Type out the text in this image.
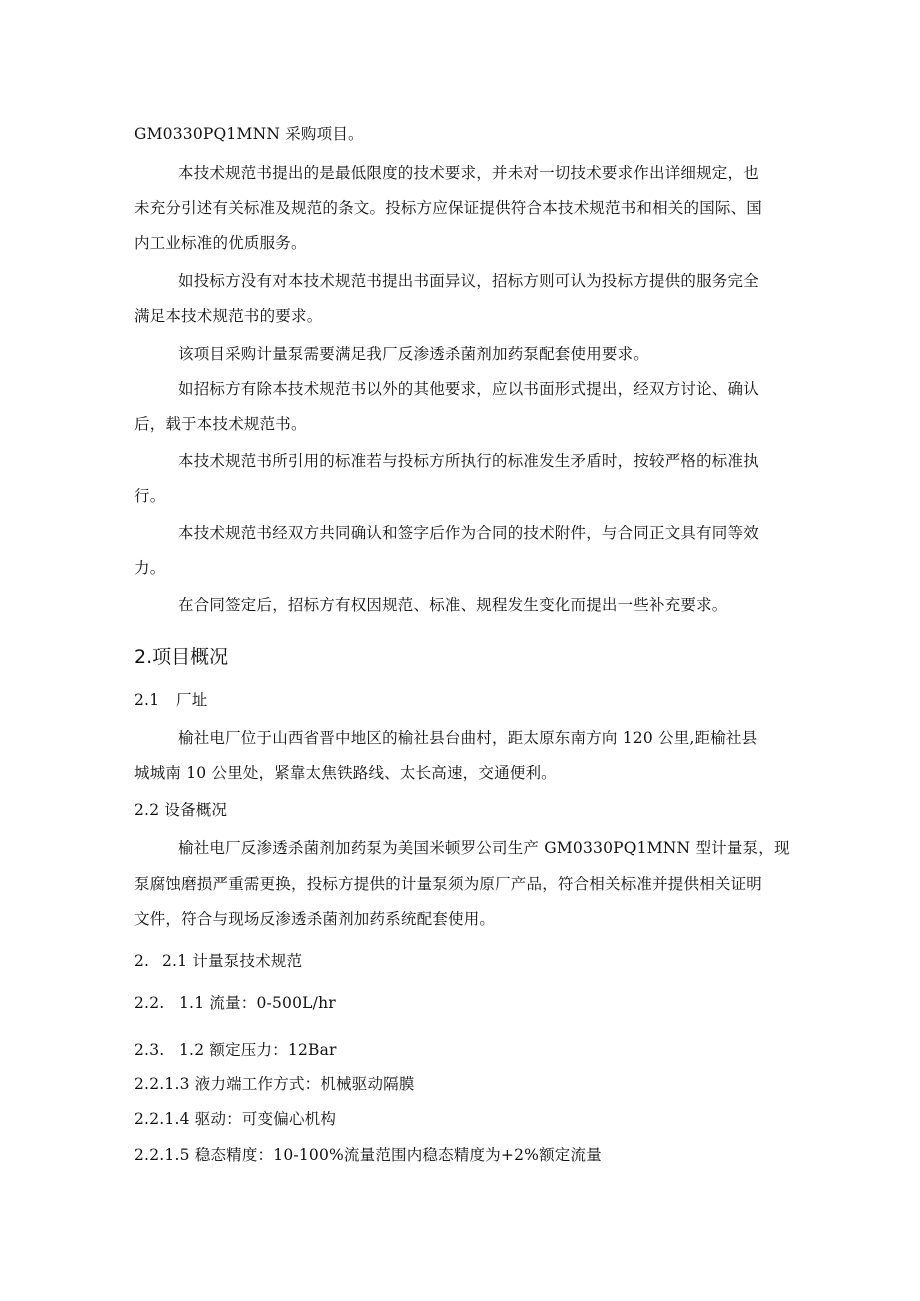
GM0330PQ1MNN 采购项目。
本技术规范书提出的是最低限度的技术要求，并未对一切技术要求作出详细规定，也
未充分引述有关标准及规范的条文。投标方应保证提供符合本技术规范书和相关的国际、国
内工业标准的优质服务。
如投标方没有对本技术规范书提出书面异议，招标方则可认为投标方提供的服务完全
满足本技术规范书的要求。
该项目采购计量泵需要满足我厂反渗透杀菌剂加药泵配套使用要求。
如招标方有除本技术规范书以外的其他要求，应以书面形式提出，经双方讨论、确认
后，载于本技术规范书。
本技术规范书所引用的标准若与投标方所执行的标准发生矛盾时，按较严格的标准执
行。
本技术规范书经双方共同确认和签字后作为合同的技术附件，与合同正文具有同等效
力。
在合同签定后，招标方有权因规范、标准、规程发生变化而提出一些补充要求。
2.项目概况
2.1 厂址
榆社电厂位于山西省晋中地区的榆社县台曲村，距太原东南方向 120 公里,距榆社县
城城南 10 公里处，紧靠太焦铁路线、太长高速，交通便利。
2.2 设备概况
榆社电厂反渗透杀菌剂加药泵为美国米顿罗公司生产 GM0330PQ1MNN 型计量泵，现
泵腐蚀磨损严重需更换，投标方提供的计量泵须为原厂产品，符合相关标准并提供相关证明
文件，符合与现场反渗透杀菌剂加药系统配套使用。
2. 2.1 计量泵技术规范
2.2. 1.1 流量：0-500L/hr
2.3. 1.2 额定压力：12Bar
2.2.1.3 液力端工作方式：机械驱动隔膜
2.2.1.4 驱动：可变偏心机构
2.2.1.5 稳态精度：10-100%流量范围内稳态精度为+2%额定流量
